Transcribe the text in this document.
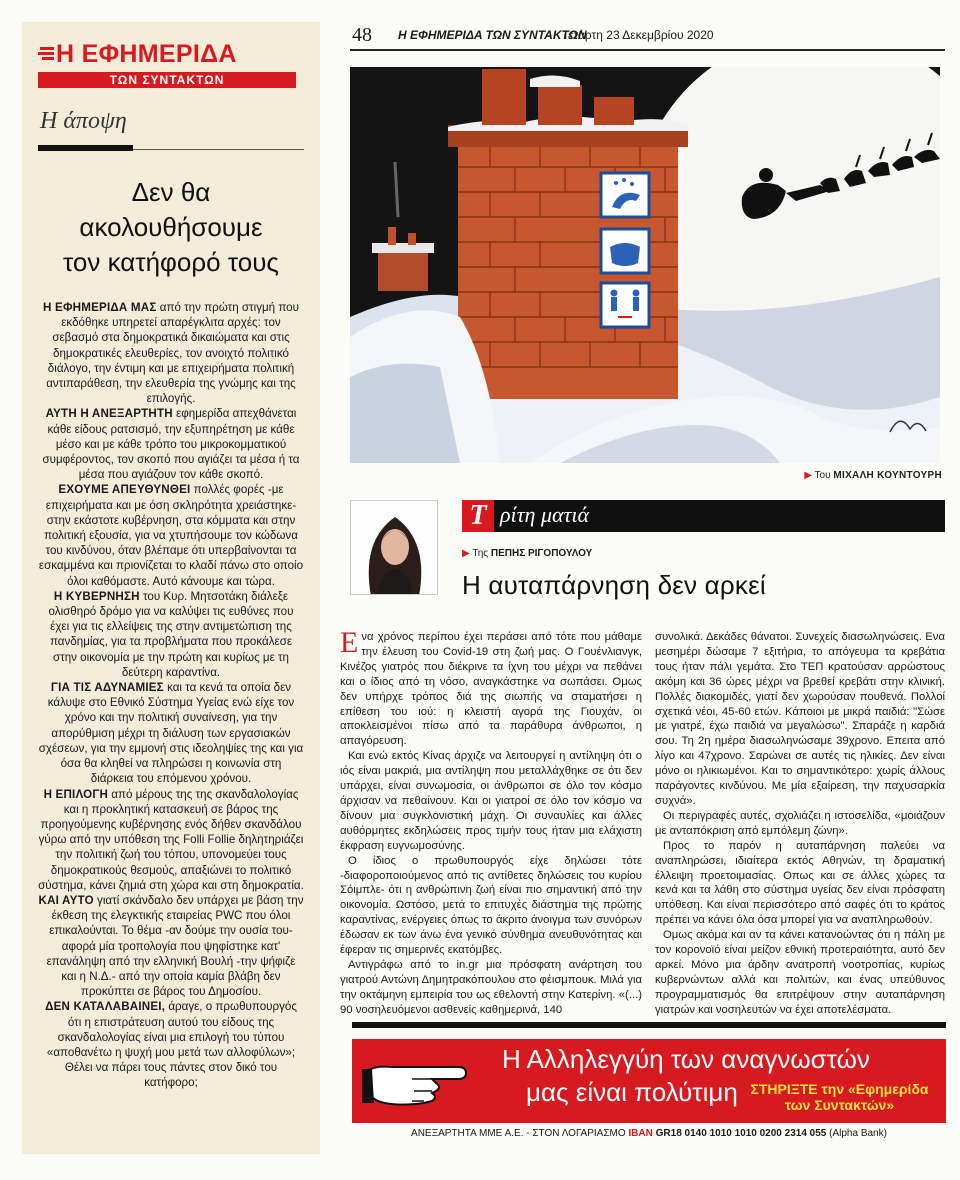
Η ΕΦΗΜΕΡΙΔΑ
ΤΩΝ ΣΥΝΤΑΚΤΩΝ
Η άποψη
Δεν θα
ακολουθήσουμε
τον κατήφορό τους

Η ΕΦΗΜΕΡΙΔΑ ΜΑΣ από την πρώτη στιγμή που εκδόθηκε υπηρετεί απαρέγκλιτα αρχές: τον σεβασμό στα δημοκρατικά δικαιώματα και στις δημοκρατικές ελευθερίες, τον ανοιχτό πολιτικό διάλογο, την έντιμη και με επιχειρήματα πολιτική αντιπαράθεση, την ελευθερία της γνώμης και της επιλογής.

ΑΥΤΗ Η ΑΝΕΞΑΡΤΗΤΗ εφημερίδα απεχθάνεται κάθε είδους ρατσισμό, την εξυπηρέτηση με κάθε μέσο και με κάθε τρόπο του μικροκομματικού συμφέροντος, τον σκοπό που αγιάζει τα μέσα ή τα μέσα που αγιάζουν τον κάθε σκοπό.

ΕΧΟΥΜΕ ΑΠΕΥΘΥΝΘΕΙ πολλές φορές -με επιχειρήματα και με όση σκληρότητα χρειάστηκε- στην εκάστοτε κυβέρνηση, στα κόμματα και στην πολιτική εξουσία, για να χτυπήσουμε τον κώδωνα του κινδύνου, όταν βλέπαμε ότι υπερβαίνονται τα εσκαμμένα και πριονίζεται το κλαδί πάνω στο οποίο όλοι καθόμαστε. Αυτό κάνουμε και τώρα.

Η ΚΥΒΕΡΝΗΣΗ του Κυρ. Μητσοτάκη διάλεξε ολισθηρό δρόμο για να καλύψει τις ευθύνες που έχει για τις ελλείψεις της στην αντιμετώπιση της πανδημίας, για τα προβλήματα που προκάλεσε στην οικονομία με την πρώτη και κυρίως με τη δεύτερη καραντίνα.

ΓΙΑ ΤΙΣ ΑΔΥΝΑΜΙΕΣ και τα κενά τα οποία δεν κάλυψε στο Εθνικό Σύστημα Υγείας ενώ είχε τον χρόνο και την πολιτική συναίνεση, για την απορύθμιση μέχρι τη διάλυση των εργασιακών σχέσεων, για την εμμονή στις ιδεοληψίες της και για όσα θα κληθεί να πληρώσει η κοινωνία στη διάρκεια του επόμενου χρόνου.

Η ΕΠΙΛΟΓΗ από μέρους της της σκανδαλολογίας και η προκλητική κατασκευή σε βάρος της προηγούμενης κυβέρνησης ενός δήθεν σκανδάλου γύρω από την υπόθεση της Folli Follie δηλητηριάζει την πολιτική ζωή του τόπου, υπονομεύει τους δημοκρατικούς θεσμούς, απαξιώνει το πολιτικό σύστημα, κάνει ζημιά στη χώρα και στη δημοκρατία.

ΚΑΙ ΑΥΤΟ γιατί σκάνδαλο δεν υπάρχει με βάση την έκθεση της ελεγκτικής εταιρείας PWC που όλοι επικαλούνται. Το θέμα -αν δούμε την ουσία του- αφορά μία τροπολογία που ψηφίστηκε κατ' επανάληψη από την ελληνική Βουλή -την ψήφιζε και η Ν.Δ.- από την οποία καμία βλάβη δεν προκύπτει σε βάρος του Δημοσίου.

ΔΕΝ ΚΑΤΑΛΑΒΑΙΝΕΙ, άραγε, ο πρωθυπουργός ότι η επιστράτευση αυτού του είδους της σκανδαλολογίας είναι μια επιλογή του τύπου «αποθανέτω η ψυχή μου μετά των αλλοφύλων»; Θέλει να πάρει τους πάντες στον δικό του κατήφορο;

48 Η ΕΦΗΜΕΡΙΔΑ ΤΩΝ ΣΥΝΤΑΚΤΩΝ
Τετάρτη 23 Δεκεμβρίου 2020
▶ Του ΜΙΧΑΛΗ ΚΟΥΝΤΟΥΡΗ
Τ ρίτη ματιά
▶ Της ΠΕΠΗΣ ΡΙΓΟΠΟΥΛΟΥ
Η αυταπάρνηση δεν αρκεί

Ενα χρόνος περίπου έχει περάσει από τότε που μάθαμε την έλευση του Covid-19 στη ζωή μας. Ο Γουένλιανγκ, Κινέζος γιατρός που διέκρινε τα ίχνη του μέχρι να πεθάνει και ο ίδιος από τη νόσο, αναγκάστηκε να σωπάσει. Ομως δεν υπήρχε τρόπος διά της σιωπής να σταματήσει η επίθεση του ιού: η κλειστή αγορά της Γιουχάν, οι αποκλεισμένοι πίσω από τα παράθυρα άνθρωποι, η απαγόρευση.

Και ενώ εκτός Κίνας άρχιζε να λειτουργεί η αντίληψη ότι ο ιός είναι μακριά, μια αντίληψη που μεταλλάχθηκε σε ότι δεν υπάρχει, είναι συνωμοσία, οι άνθρωποι σε όλο τον κόσμο άρχισαν να πεθαίνουν. Και οι γιατροί σε όλο τον κόσμο να δίνουν μια συγκλονιστική μάχη. Οι συναυλίες και άλλες αυθόρμητες εκδηλώσεις προς τιμήν τους ήταν μια ελάχιστη έκφραση ευγνωμοσύνης.

Ο ίδιος ο πρωθυπουργός είχε δηλώσει τότε -διαφοροποιούμενος από τις αντίθετες δηλώσεις του κυρίου Σόιμπλε- ότι η ανθρώπινη ζωή είναι πιο σημαντική από την οικονομία. Ωστόσο, μετά το επιτυχές διάστημα της πρώτης καραντίνας, ενέργειες όπως το άκριτο άνοιγμα των συνόρων έδωσαν εκ των άνω ένα γενικό σύνθημα ανευθυνότητας και έφεραν τις σημερινές εκατόμβες.

Αντιγράφω από το in.gr μια πρόσφατη ανάρτηση του γιατρού Αντώνη Δημητρακόπουλου στο φέισμπουκ. Μιλά για την οκτάμηνη εμπειρία του ως εθελοντή στην Κατερίνη. «(...) 90 νοσηλευόμενοι ασθενείς καθημερινά, 140

συνολικά. Δεκάδες θάνατοι. Συνεχείς διασωληνώσεις. Ενα μεσημέρι δώσαμε 7 εξιτήρια, το απόγευμα τα κρεβάτια τους ήταν πάλι γεμάτα. Στο ΤΕΠ κρατούσαν αρρώστους ακόμη και 36 ώρες μέχρι να βρεθεί κρεβάτι στην κλινική. Πολλές διακομιδές, γιατί δεν χωρούσαν πουθενά. Πολλοί σχετικά νέοι, 45-60 ετών. Κάποιοι με μικρά παιδιά: "Σώσε με γιατρέ, έχω παιδιά να μεγαλώσω". Σπαράζε η καρδιά σου. Τη 2η ημέρα διασωληνώσαμε 39χρονο. Επειτα από λίγο και 47χρονο. Σαρώνει σε αυτές τις ηλικίες. Δεν είναι μόνο οι ηλικιωμένοι. Και το σημαντικότερο: χωρίς άλλους παράγοντες κινδύνου. Με μία εξαίρεση, την παχυσαρκία συχνά».

Οι περιγραφές αυτές, σχολιάζει η ιστοσελίδα, «μοιάζουν με ανταπόκριση από εμπόλεμη ζώνη».

Προς το παρόν η αυταπάρνηση παλεύει να αναπληρώσει, ιδιαίτερα εκτός Αθηνών, τη δραματική έλλειψη προετοιμασίας. Οπως και σε άλλες χώρες τα κενά και τα λάθη στο σύστημα υγείας δεν είναι πρόσφατη υπόθεση. Και είναι περισσότερο από σαφές ότι το κράτος πρέπει να κάνει όλα όσα μπορεί για να αναπληρωθούν.

Ομως ακόμα και αν τα κάνει κατανοώντας ότι η πάλη με τον κορονοϊό είναι μείζον εθνική προτεραιότητα, αυτό δεν αρκεί. Μόνο μια άρδην ανατροπή νοοτροπίας, κυρίως κυβερνώντων αλλά και πολιτών, και ένας υπεύθυνος προγραμματισμός θα επιτρέψουν στην αυταπάρνηση γιατρών και νοσηλευτών να έχει αποτελέσματα.

Η Αλληλεγγύη των αναγνωστών
μας είναι πολύτιμη ΣΤΗΡΙΞΤΕ την «Εφημερίδα των Συντακτών»
ΑΝΕΞΑΡΤΗΤΑ ΜΜΕ Α.Ε. - ΣΤΟΝ ΛΟΓΑΡΙΑΣΜΟ IBAN GR18 0140 1010 1010 0200 2314 055 (Alpha Bank)
